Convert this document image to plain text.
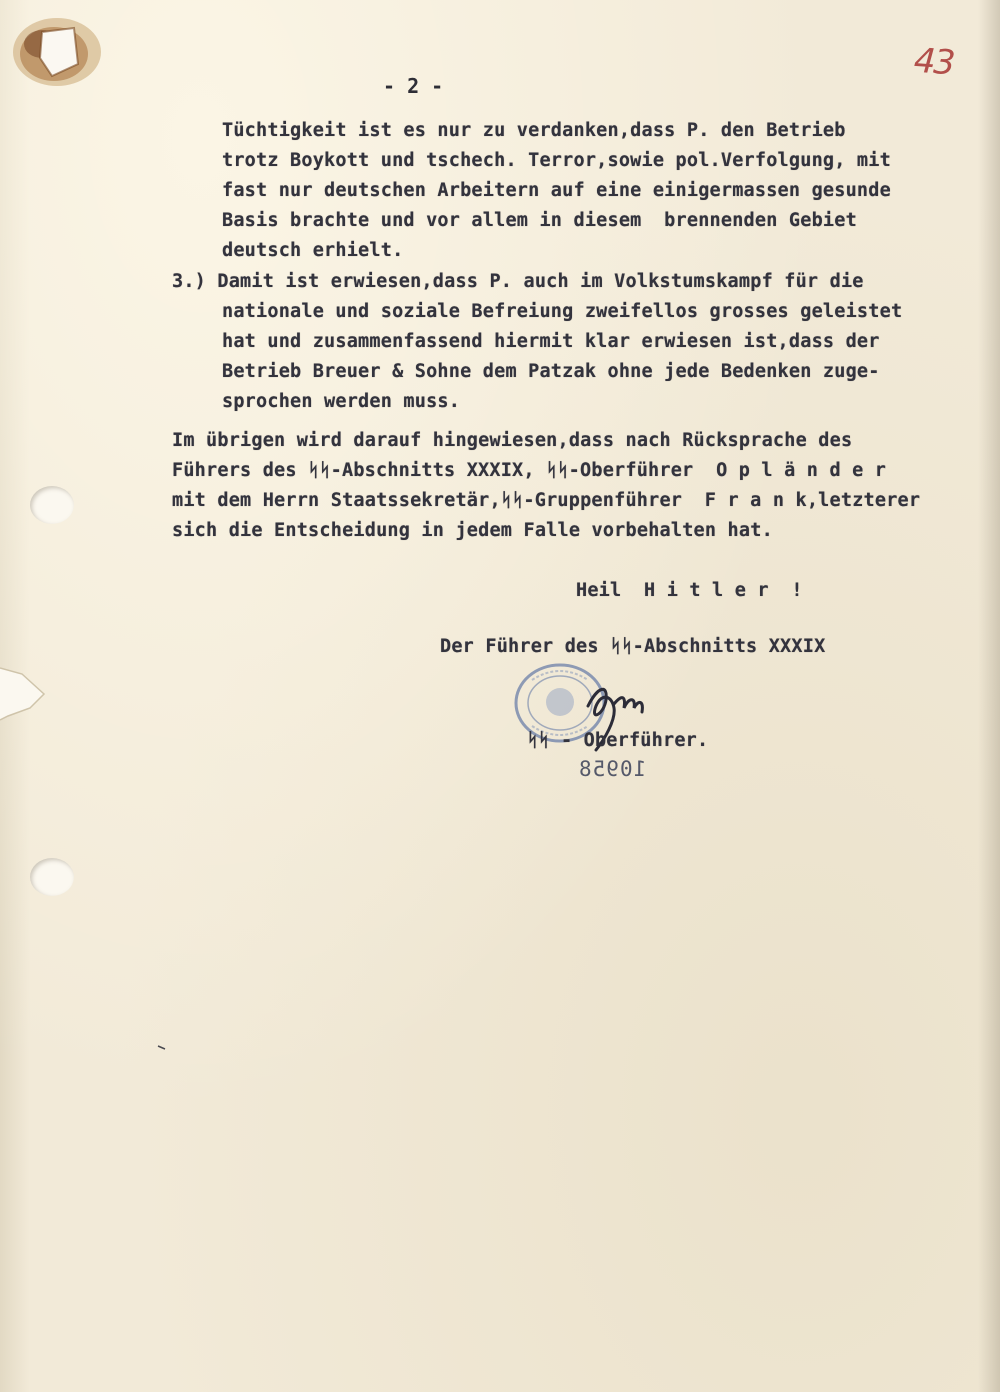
- 2 -
43
Tüchtigkeit ist es nur zu verdanken,dass P. den Betrieb
trotz Boykott und tschech. Terror,sowie pol.Verfolgung, mit
fast nur deutschen Arbeitern auf eine einigermassen gesunde
Basis brachte und vor allem in diesem  brennenden Gebiet
deutsch erhielt.
3.) Damit ist erwiesen,dass P. auch im Volkstumskampf für die
nationale und soziale Befreiung zweifellos grosses geleistet
hat und zusammenfassend hiermit klar erwiesen ist,dass der
Betrieb Breuer & Sohne dem Patzak ohne jede Bedenken zuge-
sprochen werden muss.
Im übrigen wird darauf hingewiesen,dass nach Rücksprache des
Führers des ᛋᛋ-Abschnitts XXXIX, ᛋᛋ-Oberführer  O p l ä n d e r
mit dem Herrn Staatssekretär,ᛋᛋ-Gruppenführer  F r a n k,letzterer
sich die Entscheidung in jedem Falle vorbehalten hat.
Heil  H i t l e r  !
Der Führer des ᛋᛋ-Abschnitts XXXIX
ᛋᛋ - Oberführer.
10958
